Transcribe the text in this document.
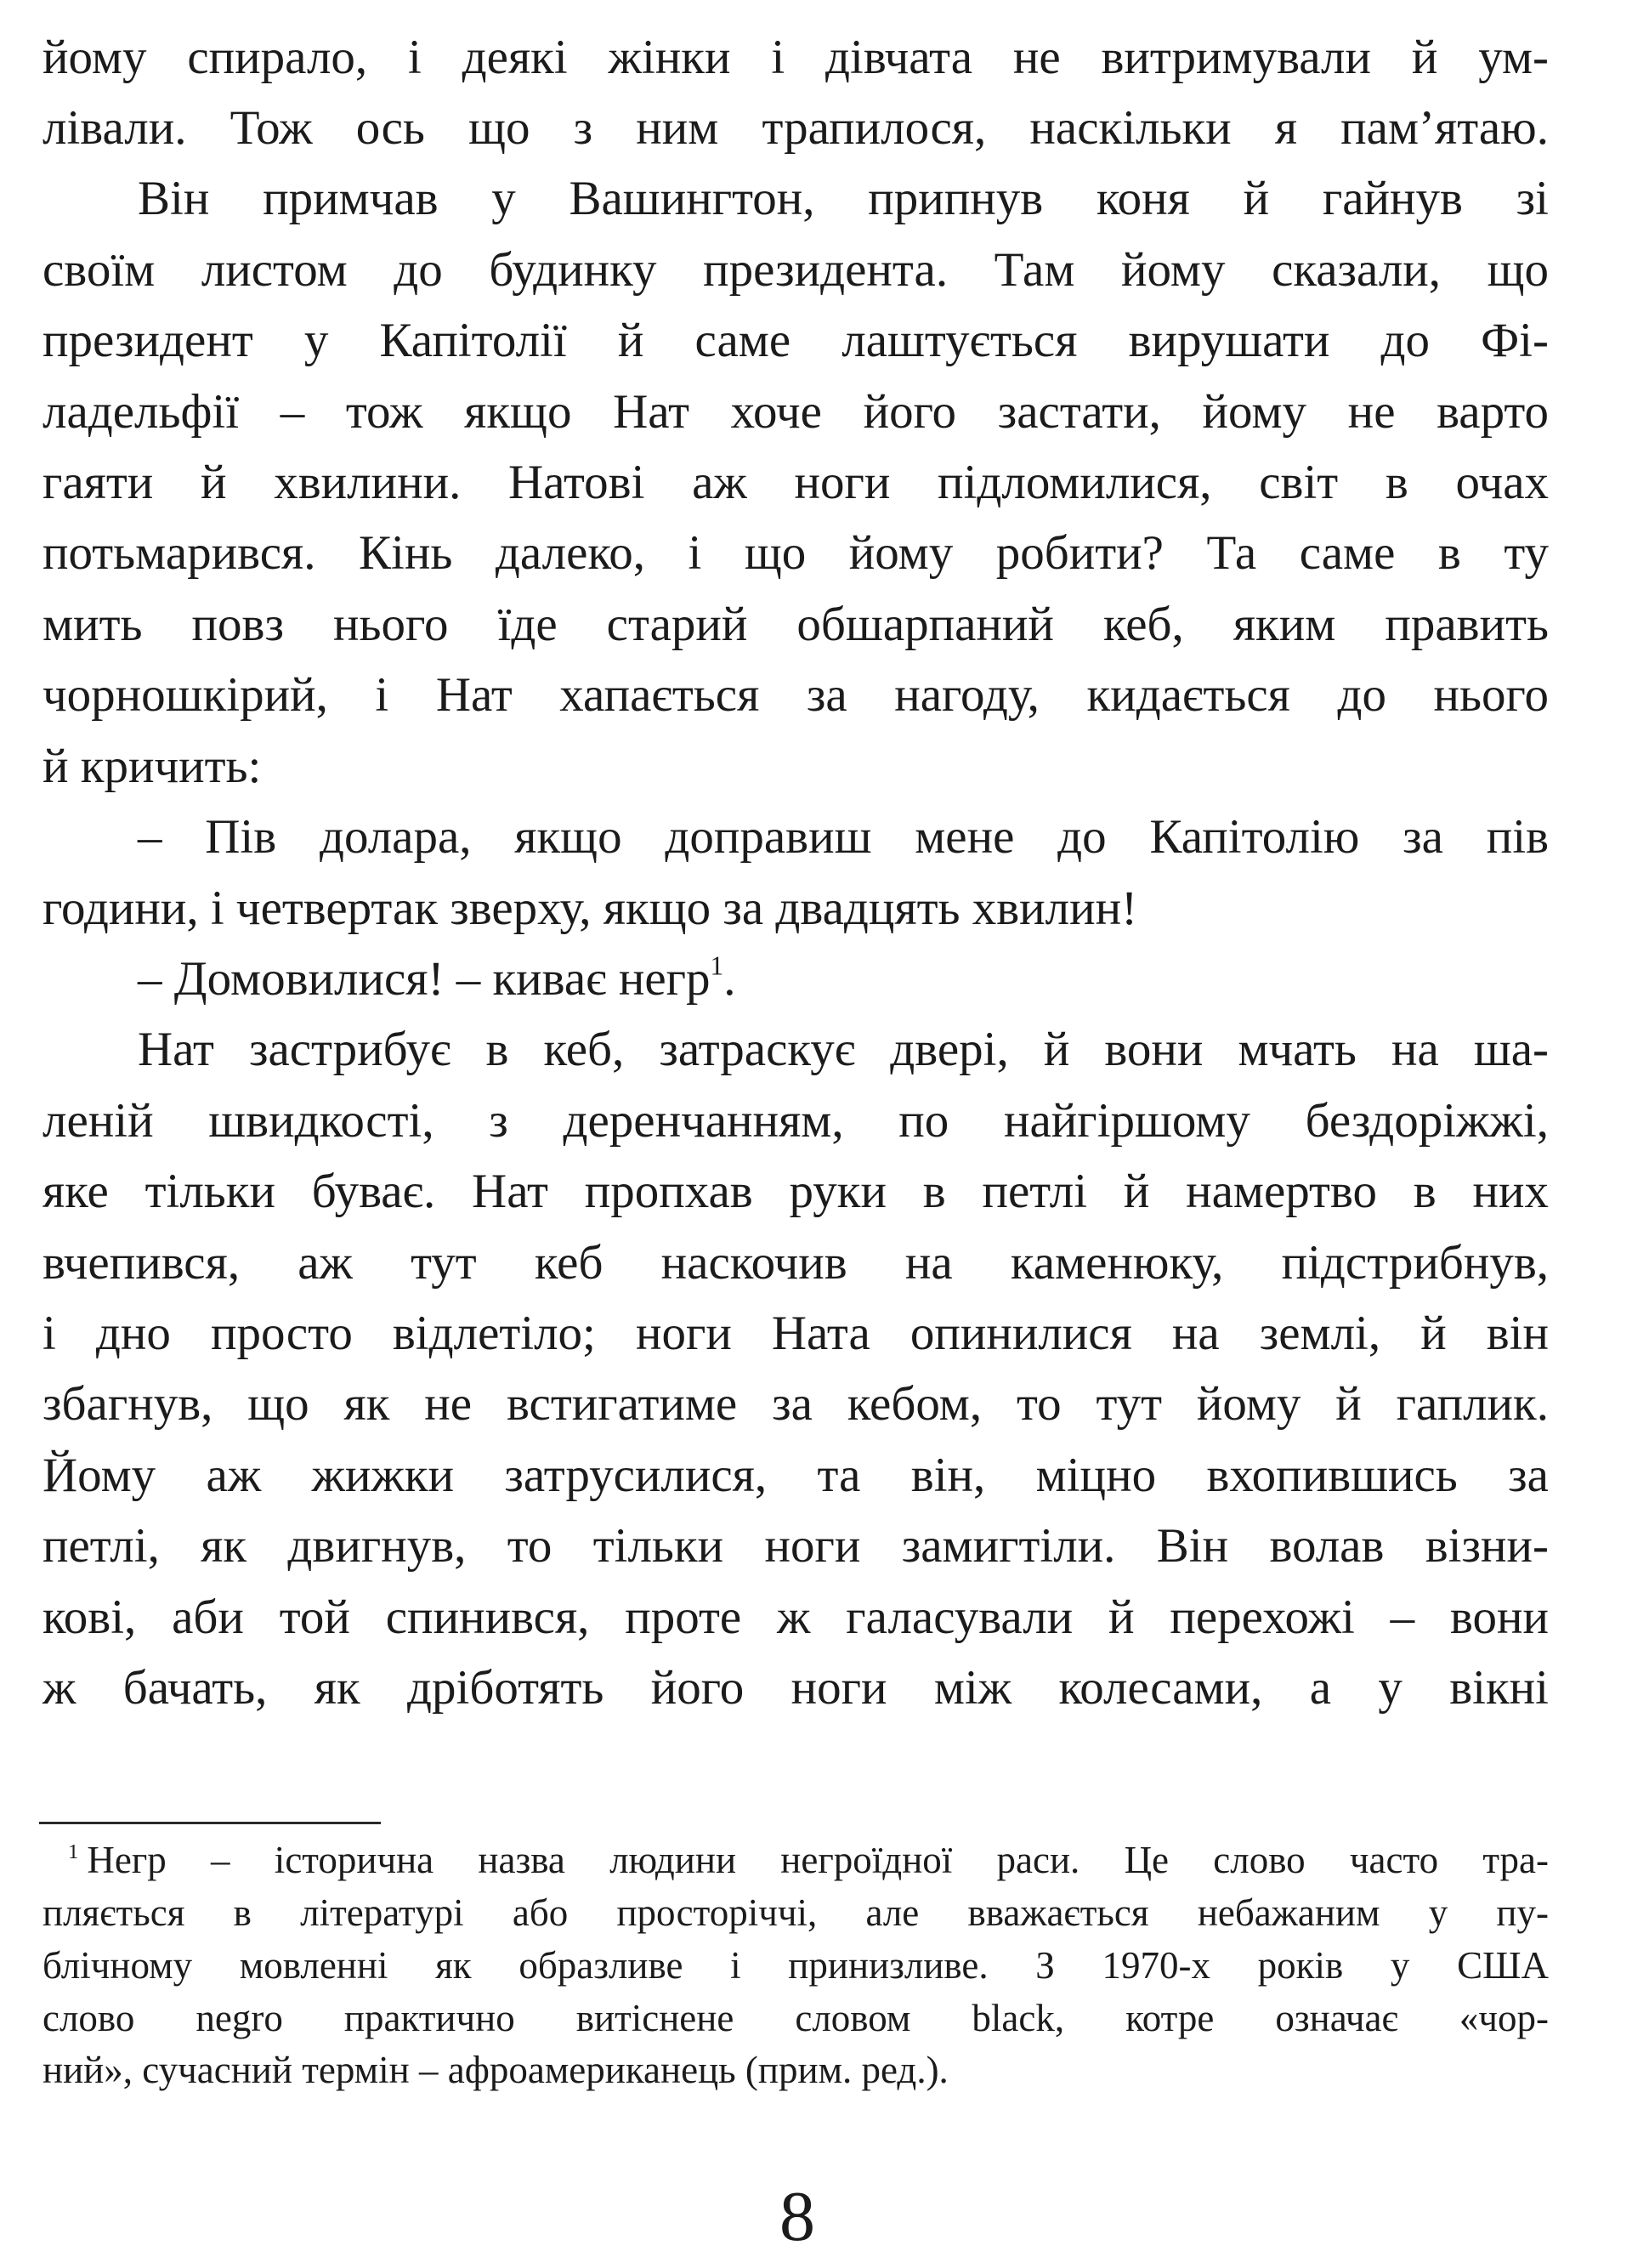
йому спирало, і деякі жінки і дівчата не витримували й ум-
лівали. Тож ось що з ним трапилося, наскільки я пам’ятаю.
Він примчав у Вашингтон, припнув коня й гайнув зі
своїм листом до будинку президента. Там йому сказали, що
президент у Капітолії й саме лаштується вирушати до Фі-
ладельфії – тож якщо Нат хоче його застати, йому не варто
гаяти й хвилини. Натові аж ноги підломилися, світ в очах
потьмарився. Кінь далеко, і що йому робити? Та саме в ту
мить повз нього їде старий обшарпаний кеб, яким править
чорношкірий, і Нат хапається за нагоду, кидається до нього
й кричить:
– Пів долара, якщо доправиш мене до Капітолію за пів
години, і четвертак зверху, якщо за двадцять хвилин!
– Домовилися! – киває негр$^1$.
Нат застрибує в кеб, затраскує двері, й вони мчать на ша-
леній швидкості, з деренчанням, по найгіршому бездоріжжі,
яке тільки буває. Нат пропхав руки в петлі й намертво в них
вчепився, аж тут кеб наскочив на каменюку, підстрибнув,
і дно просто відлетіло; ноги Ната опинилися на землі, й він
збагнув, що як не встигатиме за кебом, то тут йому й гаплик.
Йому аж жижки затрусилися, та він, міцно вхопившись за
петлі, як двигнув, то тільки ноги замигтіли. Він волав візни-
кові, аби той спинився, проте ж галасували й перехожі – вони
ж бачать, як дріботять його ноги між колесами, а у вікні
$^1$ Негр – історична назва людини негроїдної раси. Це слово часто тра-
пляється в літературі або просторіччі, але вважається небажаним у пу-
блічному мовленні як образливе і принизливе. З 1970-х років у США
слово negro практично витіснене словом black, котре означає «чор-
ний», сучасний термін – афроамериканець (прим. ред.).
8
